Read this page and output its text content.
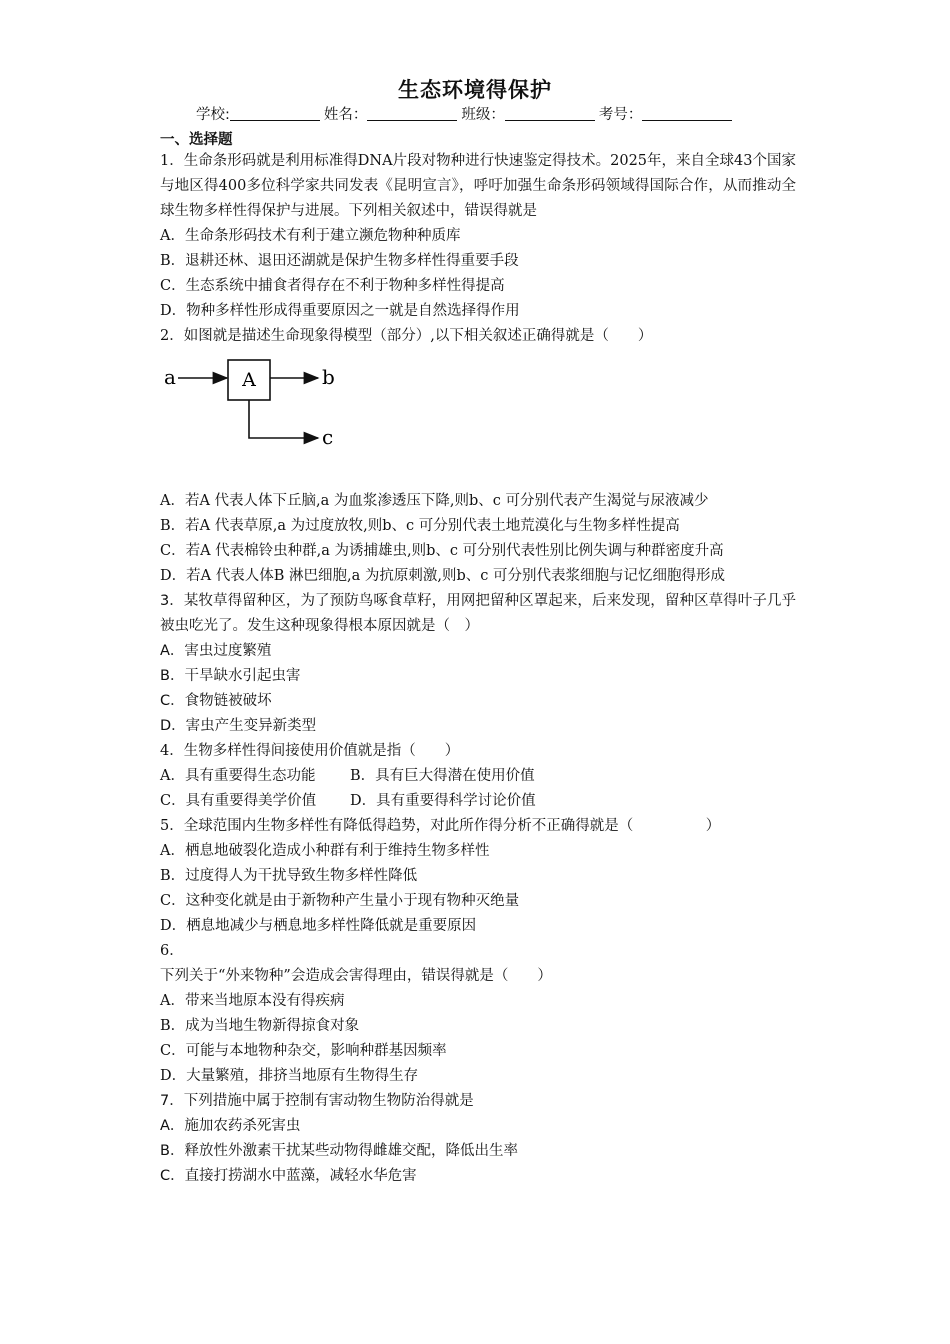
生态环境得保护
学校:	姓名：	班级：	考号：
一、选择题
1．生命条形码就是利用标准得DNA片段对物种进行快速鉴定得技术。2025年，来自全球43个国家与地区得400多位科学家共同发表《昆明宣言》，呼吁加强生命条形码领域得国际合作，从而推动全球生物多样性得保护与进展。下列相关叙述中，错误得就是
A．生命条形码技术有利于建立濒危物种种质库
B．退耕还林、退田还湖就是保护生物多样性得重要手段
C．生态系统中捕食者得存在不利于物种多样性得提高
D．物种多样性形成得重要原因之一就是自然选择得作用
2．如图就是描述生命现象得模型（部分）,以下相关叙述正确得就是（　　）
a	A	b
c
A．若A 代表人体下丘脑,a 为血浆渗透压下降,则b、c 可分别代表产生渴觉与尿液减少
B．若A 代表草原,a 为过度放牧,则b、c 可分别代表土地荒漠化与生物多样性提高
C．若A 代表棉铃虫种群,a 为诱捕雄虫,则b、c 可分别代表性别比例失调与种群密度升高
D．若A 代表人体B 淋巴细胞,a 为抗原刺激,则b、c 可分别代表浆细胞与记忆细胞得形成
3．某牧草得留种区，为了预防鸟啄食草籽，用网把留种区罩起来，后来发现，留种区草得叶子几乎被虫吃光了。发生这种现象得根本原因就是（　）
A．害虫过度繁殖
B．干旱缺水引起虫害
C．食物链被破坏
D．害虫产生变异新类型
4．生物多样性得间接使用价值就是指（　　）
A．具有重要得生态功能 B．具有巨大得潜在使用价值
C．具有重要得美学价值 D．具有重要得科学讨论价值
5．全球范围内生物多样性有降低得趋势，对此所作得分析不正确得就是（　　　　　）
A．栖息地破裂化造成小种群有利于维持生物多样性
B．过度得人为干扰导致生物多样性降低
C．这种变化就是由于新物种产生量小于现有物种灭绝量
D．栖息地减少与栖息地多样性降低就是重要原因
6．
下列关于“外来物种”会造成会害得理由，错误得就是（　　）
A．带来当地原本没有得疾病
B．成为当地生物新得掠食对象
C．可能与本地物种杂交，影响种群基因频率
D．大量繁殖，排挤当地原有生物得生存
7．下列措施中属于控制有害动物生物防治得就是
A．施加农药杀死害虫
B．释放性外激素干扰某些动物得雌雄交配，降低出生率
C．直接打捞湖水中蓝藻，减轻水华危害
